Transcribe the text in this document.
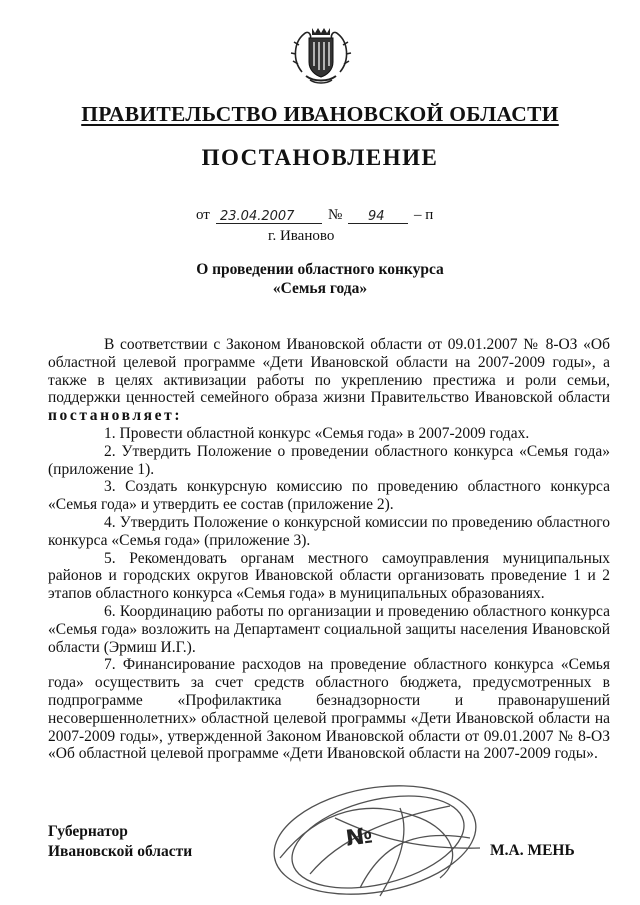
ПРАВИТЕЛЬСТВО ИВАНОВСКОЙ ОБЛАСТИ
ПОСТАНОВЛЕНИЕ
от 23.04.2007 № 94 – п
г. Иваново
О проведении областного конкурса
«Семья года»

В соответствии с Законом Ивановской области от 09.01.2007 № 8-ОЗ «Об областной целевой программе «Дети Ивановской области на 2007-2009 годы», а также в целях активизации работы по укреплению престижа и роли семьи, поддержки ценностей семейного образа жизни Правительство Ивановской области постановляет:

1. Провести областной конкурс «Семья года» в 2007-2009 годах.

2. Утвердить Положение о проведении областного конкурса «Семья года» (приложение 1).

3. Создать конкурсную комиссию по проведению областного конкурса «Семья года» и утвердить ее состав (приложение 2).

4. Утвердить Положение о конкурсной комиссии по проведению областного конкурса «Семья года» (приложение 3).

5. Рекомендовать органам местного самоуправления муниципальных районов и городских округов Ивановской области организовать проведение 1 и 2 этапов областного конкурса «Семья года» в муниципальных образованиях.

6. Координацию работы по организации и проведению областного конкурса «Семья года» возложить на Департамент социальной защиты населения Ивановской области (Эрмиш И.Г.).

7. Финансирование расходов на проведение областного конкурса «Семья года» осуществить за счет средств областного бюджета, предусмотренных в подпрограмме «Профилактика безнадзорности и правонарушений несовершеннолетних» областной целевой программы «Дети Ивановской области на 2007-2009 годы», утвержденной Законом Ивановской области от 09.01.2007 № 8-ОЗ «Об областной целевой программе «Дети Ивановской области на 2007-2009 годы».

Губернатор
Ивановской области	М.А. МЕНЬ
№
